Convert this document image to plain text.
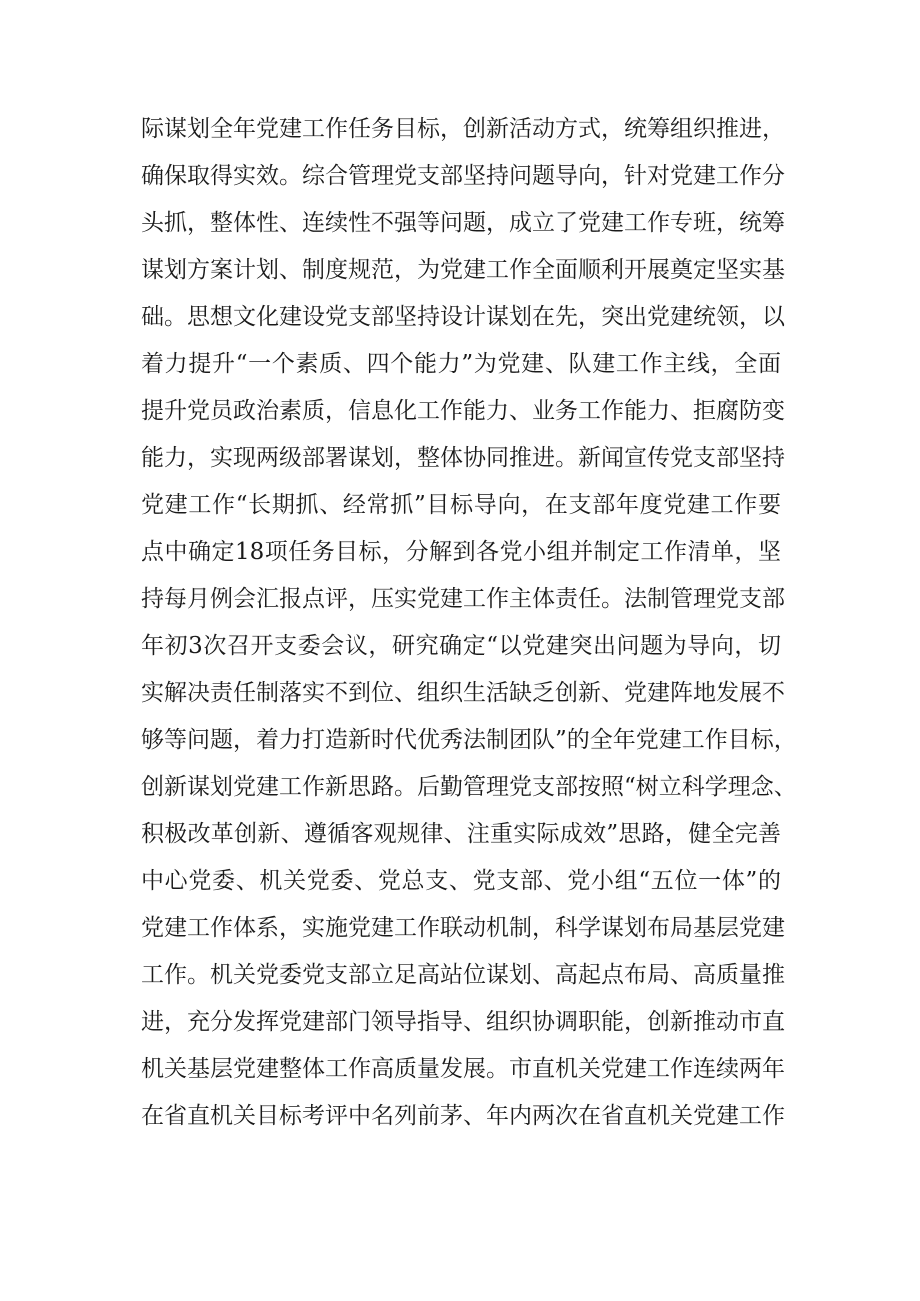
际谋划全年党建工作任务目标，创新活动方式，统筹组织推进，
确保取得实效。综合管理党支部坚持问题导向，针对党建工作分
头抓，整体性、连续性不强等问题，成立了党建工作专班，统筹
谋划方案计划、制度规范，为党建工作全面顺利开展奠定坚实基
础。思想文化建设党支部坚持设计谋划在先，突出党建统领，以
着力提升“一个素质、四个能力”为党建、队建工作主线，全面
提升党员政治素质，信息化工作能力、业务工作能力、拒腐防变
能力，实现两级部署谋划，整体协同推进。新闻宣传党支部坚持
党建工作“长期抓、经常抓”目标导向，在支部年度党建工作要
点中确定18项任务目标，分解到各党小组并制定工作清单，坚
持每月例会汇报点评，压实党建工作主体责任。法制管理党支部
年初3次召开支委会议，研究确定“以党建突出问题为导向，切
实解决责任制落实不到位、组织生活缺乏创新、党建阵地发展不
够等问题，着力打造新时代优秀法制团队”的全年党建工作目标，
创新谋划党建工作新思路。后勤管理党支部按照“树立科学理念、
积极改革创新、遵循客观规律、注重实际成效”思路，健全完善
中心党委、机关党委、党总支、党支部、党小组“五位一体”的
党建工作体系，实施党建工作联动机制，科学谋划布局基层党建
工作。机关党委党支部立足高站位谋划、高起点布局、高质量推
进，充分发挥党建部门领导指导、组织协调职能，创新推动市直
机关基层党建整体工作高质量发展。市直机关党建工作连续两年
在省直机关目标考评中名列前茅、年内两次在省直机关党建工作
